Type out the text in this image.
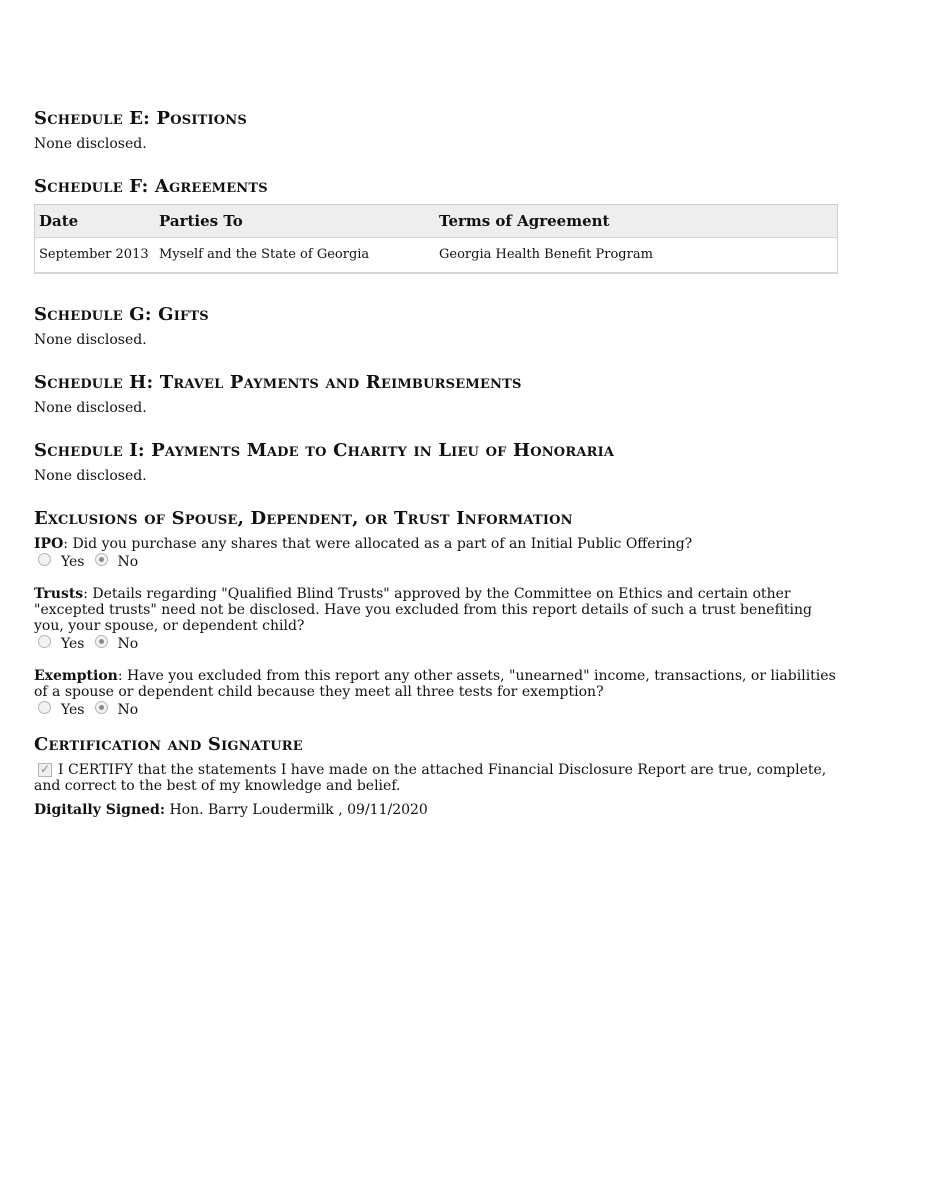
Schedule E: Positions

None disclosed.

Schedule F: Agreements
Date	Parties To	Terms of Agreement
September 2013	Myself and the State of Georgia	Georgia Health Benefit Program
Schedule G: Gifts

None disclosed.

Schedule H: Travel Payments and Reimbursements

None disclosed.

Schedule I: Payments Made to Charity in Lieu of Honoraria

None disclosed.

Exclusions of Spouse, Dependent, or Trust Information

IPO: Did you purchase any shares that were allocated as a part of an Initial Public Offering?

Yes No

Trusts: Details regarding "Qualified Blind Trusts" approved by the Committee on Ethics and certain other "excepted trusts" need not be disclosed. Have you excluded from this report details of such a trust benefiting you, your spouse, or dependent child?

Yes No

Exemption: Have you excluded from this report any other assets, "unearned" income, transactions, or liabilities of a spouse or dependent child because they meet all three tests for exemption?

Yes No
Certification and Signature

✓I CERTIFY that the statements I have made on the attached Financial Disclosure Report are true, complete, and correct to the best of my knowledge and belief.

Digitally Signed: Hon. Barry Loudermilk , 09/11/2020
